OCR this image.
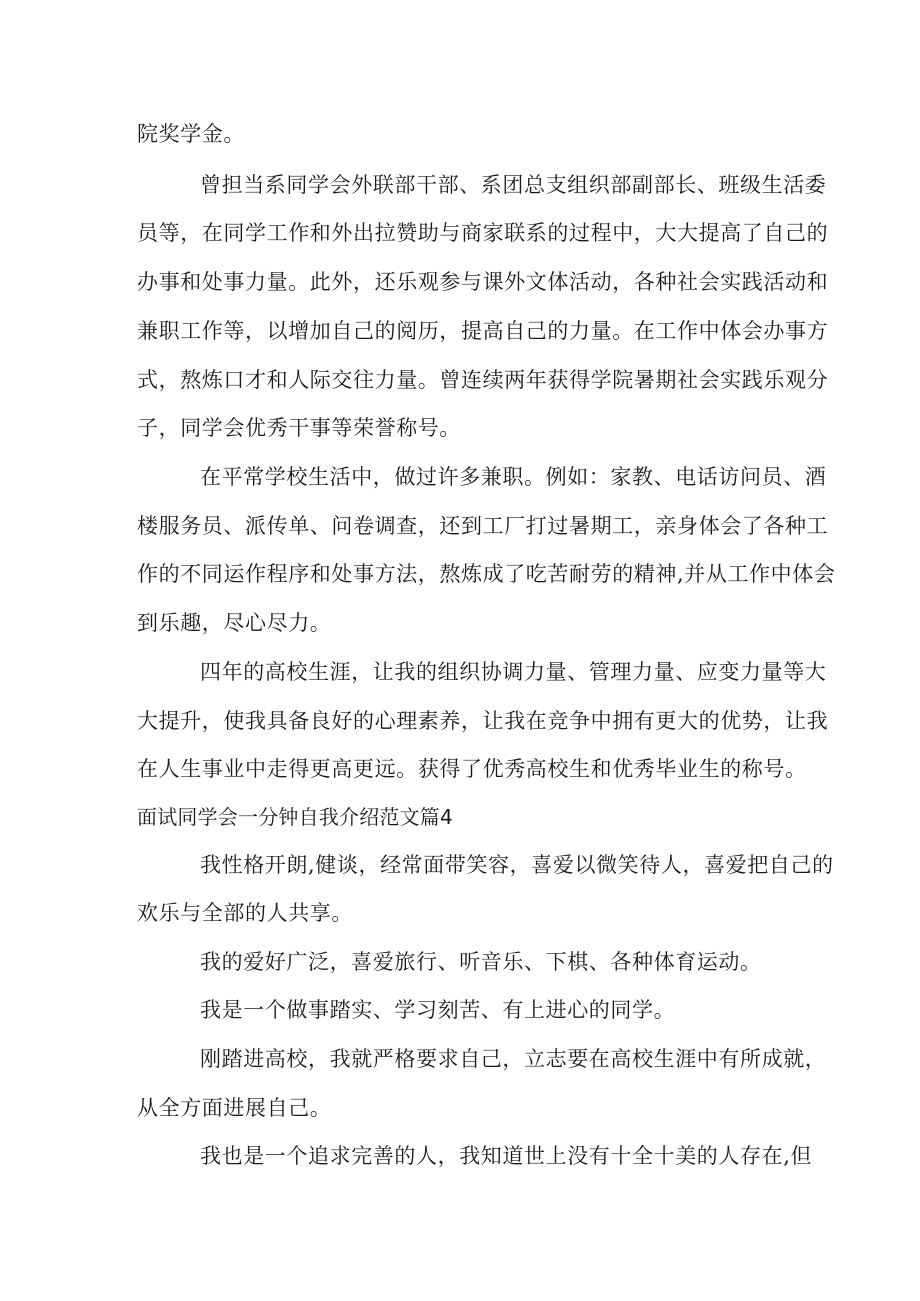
院奖学金。
曾担当系同学会外联部干部、系团总支组织部副部长、班级生活委
员等，在同学工作和外出拉赞助与商家联系的过程中，大大提高了自己的
办事和处事力量。此外，还乐观参与课外文体活动，各种社会实践活动和
兼职工作等，以增加自己的阅历，提高自己的力量。在工作中体会办事方
式，熬炼口才和人际交往力量。曾连续两年获得学院暑期社会实践乐观分
子，同学会优秀干事等荣誉称号。
在平常学校生活中，做过许多兼职。例如：家教、电话访问员、酒
楼服务员、派传单、问卷调查，还到工厂打过暑期工，亲身体会了各种工
作的不同运作程序和处事方法，熬炼成了吃苦耐劳的精神,并从工作中体会
到乐趣，尽心尽力。
四年的高校生涯，让我的组织协调力量、管理力量、应变力量等大
大提升，使我具备良好的心理素养，让我在竞争中拥有更大的优势，让我
在人生事业中走得更高更远。获得了优秀高校生和优秀毕业生的称号。
面试同学会一分钟自我介绍范文篇4
我性格开朗,健谈，经常面带笑容，喜爱以微笑待人，喜爱把自己的
欢乐与全部的人共享。
我的爱好广泛，喜爱旅行、听音乐、下棋、各种体育运动。
我是一个做事踏实、学习刻苦、有上进心的同学。
刚踏进高校，我就严格要求自己，立志要在高校生涯中有所成就，
从全方面进展自己。
我也是一个追求完善的人，我知道世上没有十全十美的人存在,但
